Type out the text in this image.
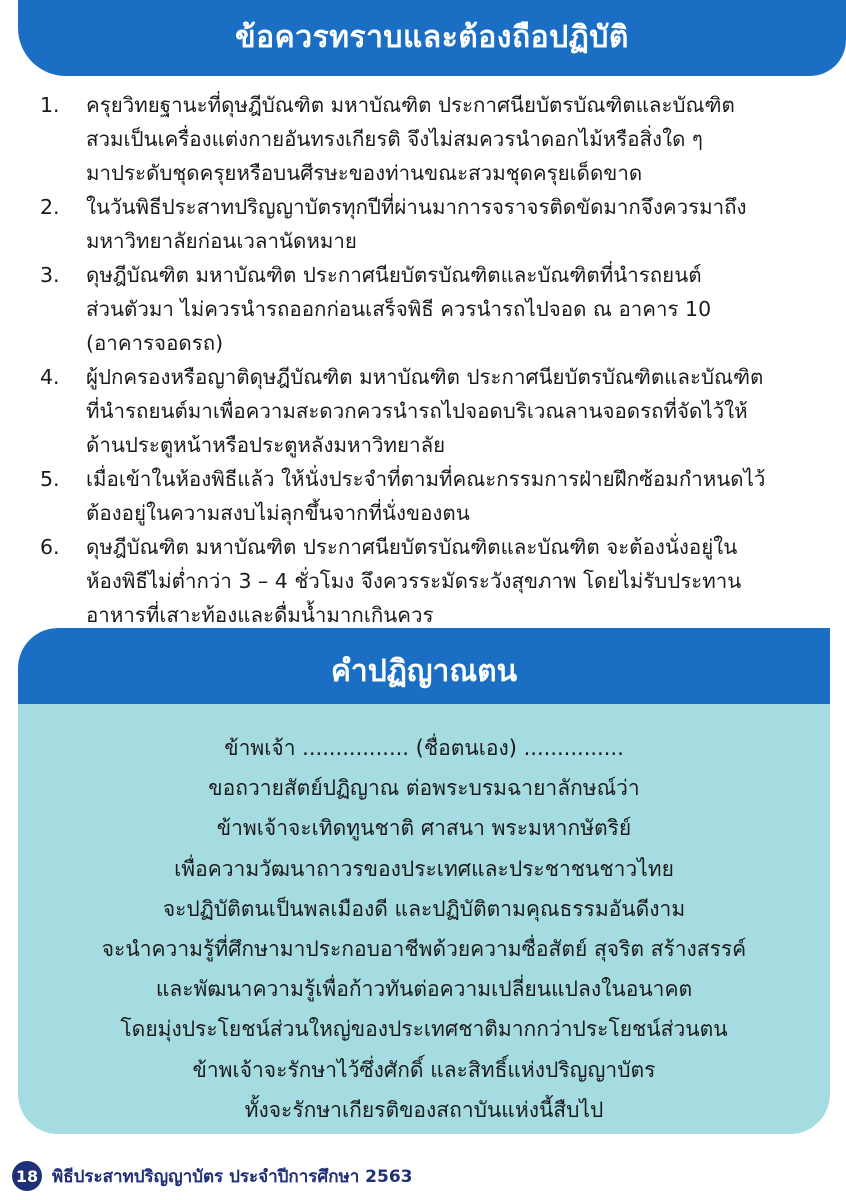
ข้อควรทราบและต้องถือปฏิบัติ
1. ครุยวิทยฐานะที่ดุษฎีบัณฑิต มหาบัณฑิต ประกาศนียบัตรบัณฑิตและบัณฑิต
สวมเป็นเครื่องแต่งกายอันทรงเกียรติ จึงไม่สมควรนำดอกไม้หรือสิ่งใด ๆ
มาประดับชุดครุยหรือบนศีรษะของท่านขณะสวมชุดครุยเด็ดขาด
2. ในวันพิธีประสาทปริญญาบัตรทุกปีที่ผ่านมาการจราจรติดขัดมากจึงควรมาถึง
มหาวิทยาลัยก่อนเวลานัดหมาย
3. ดุษฎีบัณฑิต มหาบัณฑิต ประกาศนียบัตรบัณฑิตและบัณฑิตที่นำรถยนต์
ส่วนตัวมา ไม่ควรนำรถออกก่อนเสร็จพิธี ควรนำรถไปจอด ณ อาคาร 10
(อาคารจอดรถ)
4. ผู้ปกครองหรือญาติดุษฎีบัณฑิต มหาบัณฑิต ประกาศนียบัตรบัณฑิตและบัณฑิต
ที่นำรถยนต์มาเพื่อความสะดวกควรนำรถไปจอดบริเวณลานจอดรถที่จัดไว้ให้
ด้านประตูหน้าหรือประตูหลังมหาวิทยาลัย
5. เมื่อเข้าในห้องพิธีแล้ว ให้นั่งประจำที่ตามที่คณะกรรมการฝ่ายฝึกซ้อมกำหนดไว้
ต้องอยู่ในความสงบไม่ลุกขึ้นจากที่นั่งของตน
6. ดุษฎีบัณฑิต มหาบัณฑิต ประกาศนียบัตรบัณฑิตและบัณฑิต จะต้องนั่งอยู่ใน
ห้องพิธีไม่ต่ำกว่า 3 – 4 ชั่วโมง จึงควรระมัดระวังสุขภาพ โดยไม่รับประทาน
อาหารที่เสาะท้องและดื่มน้ำมากเกินควร
คำปฏิญาณตน
ข้าพเจ้า ................ (ชื่อตนเอง) ...............
ขอถวายสัตย์ปฏิญาณ ต่อพระบรมฉายาลักษณ์ว่า
ข้าพเจ้าจะเทิดทูนชาติ ศาสนา พระมหากษัตริย์
เพื่อความวัฒนาถาวรของประเทศและประชาชนชาวไทย
จะปฏิบัติตนเป็นพลเมืองดี และปฏิบัติตามคุณธรรมอันดีงาม
จะนำความรู้ที่ศึกษามาประกอบอาชีพด้วยความซื่อสัตย์ สุจริต สร้างสรรค์
และพัฒนาความรู้เพื่อก้าวทันต่อความเปลี่ยนแปลงในอนาคต
โดยมุ่งประโยชน์ส่วนใหญ่ของประเทศชาติมากกว่าประโยชน์ส่วนตน
ข้าพเจ้าจะรักษาไว้ซึ่งศักดิ์ และสิทธิ์แห่งปริญญาบัตร
ทั้งจะรักษาเกียรติของสถาบันแห่งนี้สืบไป
18 พิธีประสาทปริญญาบัตร ประจำปีการศึกษา 2563
